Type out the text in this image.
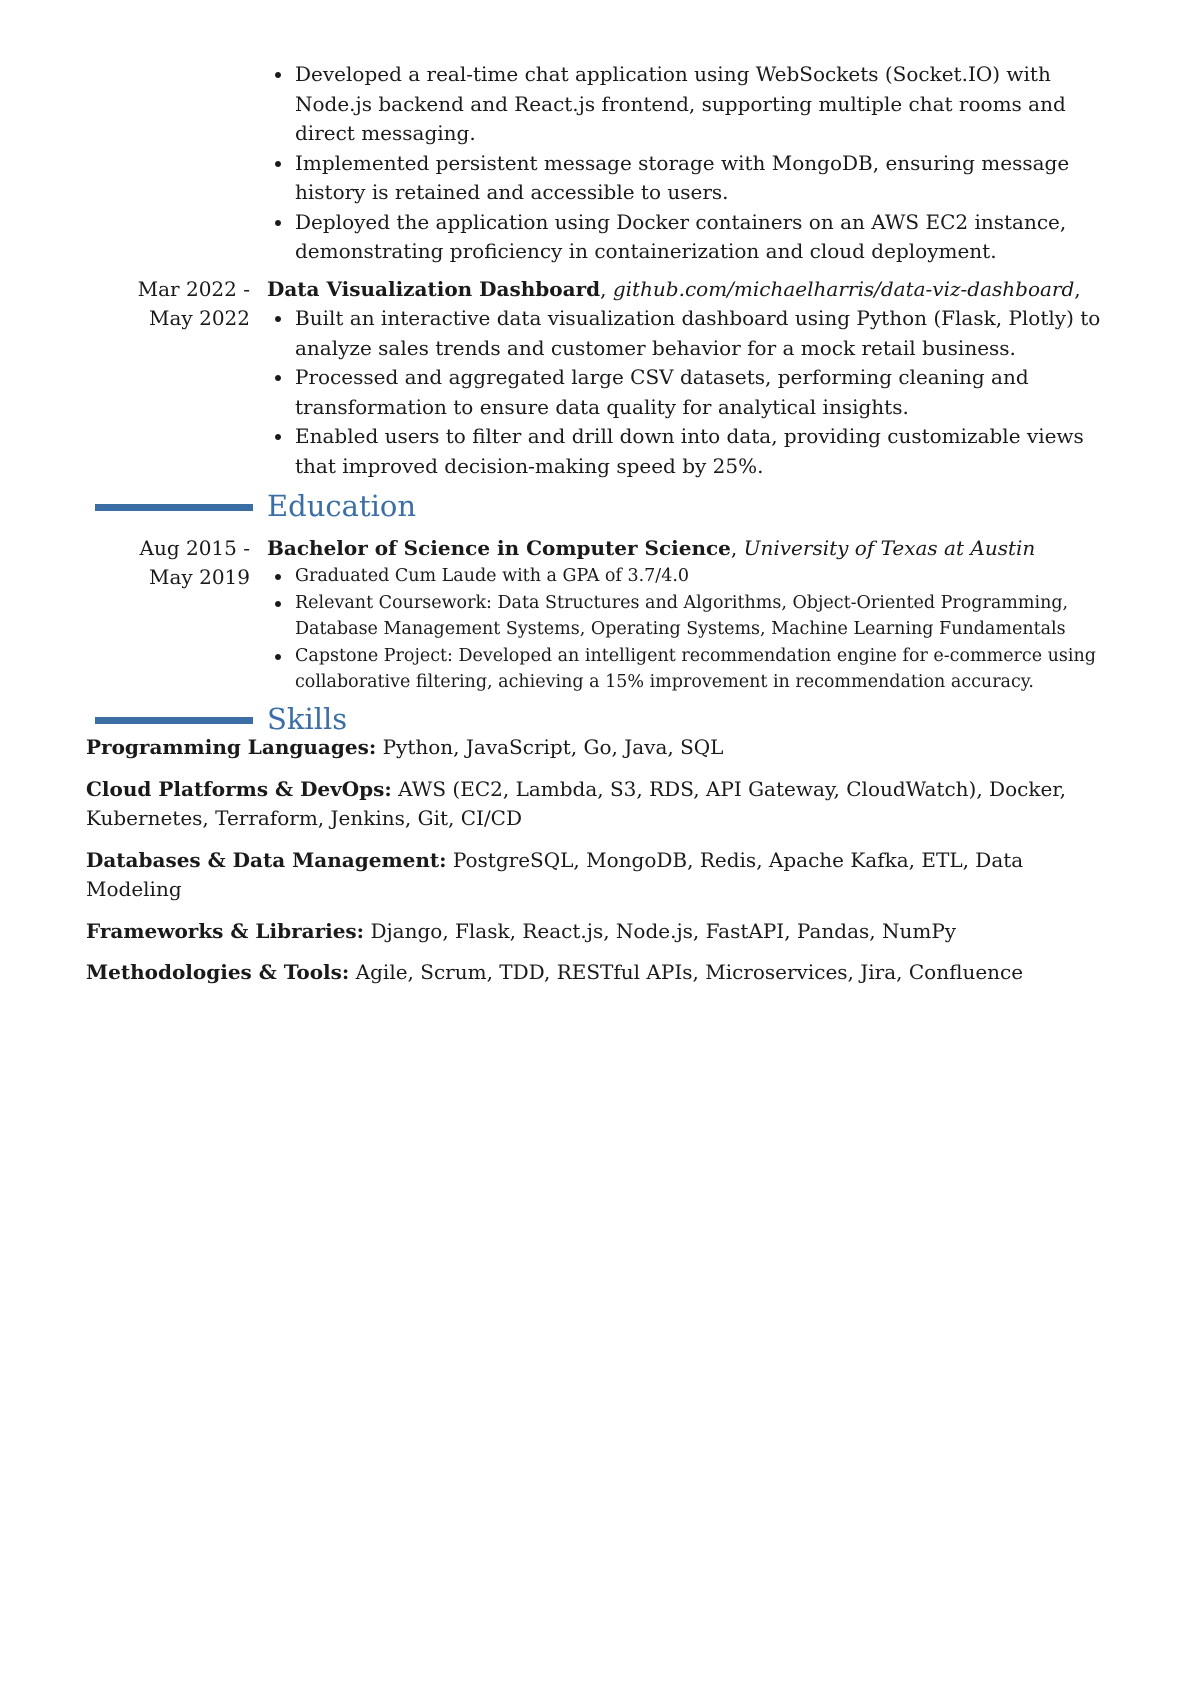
Developed a real-time chat application using WebSockets (Socket.IO) with Node.js backend and React.js frontend, supporting multiple chat rooms and direct messaging.
Implemented persistent message storage with MongoDB, ensuring message history is retained and accessible to users.
Deployed the application using Docker containers on an AWS EC2 instance, demonstrating proficiency in containerization and cloud deployment.
Mar 2022 -
May 2022
Data Visualization Dashboard, github.com/michaelharris/data-viz-dashboard,
Built an interactive data visualization dashboard using Python (Flask, Plotly) to analyze sales trends and customer behavior for a mock retail business.
Processed and aggregated large CSV datasets, performing cleaning and transformation to ensure data quality for analytical insights.
Enabled users to filter and drill down into data, providing customizable views that improved decision-making speed by 25%.
Education
Aug 2015 -
May 2019
Bachelor of Science in Computer Science, University of Texas at Austin
Graduated Cum Laude with a GPA of 3.7/4.0
Relevant Coursework: Data Structures and Algorithms, Object-Oriented Programming, Database Management Systems, Operating Systems, Machine Learning Fundamentals
Capstone Project: Developed an intelligent recommendation engine for e-commerce using collaborative filtering, achieving a 15% improvement in recommendation accuracy.
Skills
Programming Languages: Python, JavaScript, Go, Java, SQL
Cloud Platforms & DevOps: AWS (EC2, Lambda, S3, RDS, API Gateway, CloudWatch), Docker, Kubernetes, Terraform, Jenkins, Git, CI/CD
Databases & Data Management: PostgreSQL, MongoDB, Redis, Apache Kafka, ETL, Data Modeling
Frameworks & Libraries: Django, Flask, React.js, Node.js, FastAPI, Pandas, NumPy
Methodologies & Tools: Agile, Scrum, TDD, RESTful APIs, Microservices, Jira, Confluence
